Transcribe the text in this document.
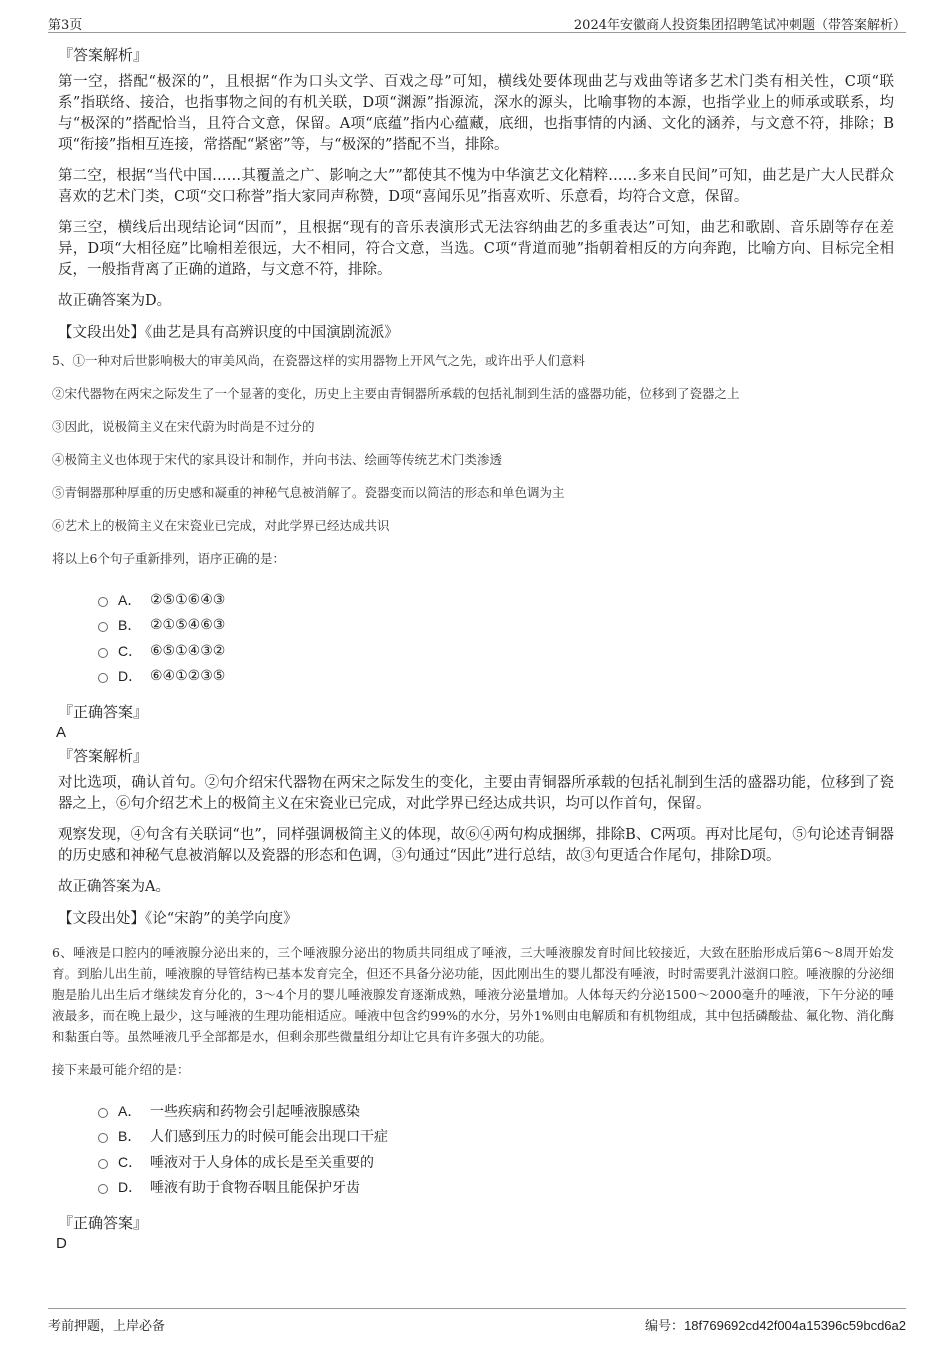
第3页	2024年安徽商人投资集团招聘笔试冲刺题（带答案解析）
『答案解析』

第一空，搭配“极深的”，且根据“作为口头文学、百戏之母”可知，横线处要体现曲艺与戏曲等诸多艺术门类有相关性，C项“联系”指联络、接洽，也指事物之间的有机关联，D项“渊源”指源流，深水的源头，比喻事物的本源，也指学业上的师承或联系，均与“极深的”搭配恰当，且符合文意，保留。A项“底蕴”指内心蕴藏，底细，也指事情的内涵、文化的涵养，与文意不符，排除；B项“衔接”指相互连接，常搭配“紧密”等，与“极深的”搭配不当，排除。

第二空，根据“当代中国……其覆盖之广、影响之大””都使其不愧为中华演艺文化精粹……多来自民间”可知，曲艺是广大人民群众喜欢的艺术门类，C项“交口称誉”指大家同声称赞，D项“喜闻乐见”指喜欢听、乐意看，均符合文意，保留。

第三空，横线后出现结论词“因而”，且根据“现有的音乐表演形式无法容纳曲艺的多重表达”可知，曲艺和歌剧、音乐剧等存在差异，D项“大相径庭”比喻相差很远，大不相同，符合文意，当选。C项“背道而驰”指朝着相反的方向奔跑，比喻方向、目标完全相反，一般指背离了正确的道路，与文意不符，排除。

故正确答案为D。

【文段出处】《曲艺是具有高辨识度的中国演剧流派》

5、①一种对后世影响极大的审美风尚，在瓷器这样的实用器物上开风气之先，或许出乎人们意料

②宋代器物在两宋之际发生了一个显著的变化，历史上主要由青铜器所承载的包括礼制到生活的盛器功能，位移到了瓷器之上

③因此，说极简主义在宋代蔚为时尚是不过分的

④极简主义也体现于宋代的家具设计和制作，并向书法、绘画等传统艺术门类渗透

⑤青铜器那种厚重的历史感和凝重的神秘气息被消解了。瓷器变而以简洁的形态和单色调为主

⑥艺术上的极简主义在宋瓷业已完成，对此学界已经达成共识

将以上6个句子重新排列，语序正确的是：

A． ②⑤①⑥④③
B． ②①⑤④⑥③
C． ⑥⑤①④③②
D． ⑥④①②③⑤
『正确答案』
A
『答案解析』

对比选项，确认首句。②句介绍宋代器物在两宋之际发生的变化，主要由青铜器所承载的包括礼制到生活的盛器功能，位移到了瓷器之上，⑥句介绍艺术上的极简主义在宋瓷业已完成，对此学界已经达成共识，均可以作首句，保留。

观察发现，④句含有关联词“也”，同样强调极简主义的体现，故⑥④两句构成捆绑，排除B、C两项。再对比尾句，⑤句论述青铜器的历史感和神秘气息被消解以及瓷器的形态和色调，③句通过“因此”进行总结，故③句更适合作尾句，排除D项。

故正确答案为A。

【文段出处】《论“宋韵”的美学向度》

6、唾液是口腔内的唾液腺分泌出来的，三个唾液腺分泌出的物质共同组成了唾液，三大唾液腺发育时间比较接近，大致在胚胎形成后第6～8周开始发育。到胎儿出生前，唾液腺的导管结构已基本发育完全，但还不具备分泌功能，因此刚出生的婴儿都没有唾液，时时需要乳汁滋润口腔。唾液腺的分泌细胞是胎儿出生后才继续发育分化的，3～4个月的婴儿唾液腺发育逐渐成熟，唾液分泌量增加。人体每天约分泌1500～2000毫升的唾液，下午分泌的唾液最多，而在晚上最少，这与唾液的生理功能相适应。唾液中包含约99%的水分，另外1%则由电解质和有机物组成，其中包括磷酸盐、氟化物、消化酶和黏蛋白等。虽然唾液几乎全部都是水，但剩余那些微量组分却让它具有许多强大的功能。

接下来最可能介绍的是：

A． 一些疾病和药物会引起唾液腺感染
B． 人们感到压力的时候可能会出现口干症
C． 唾液对于人身体的成长是至关重要的
D． 唾液有助于食物吞咽且能保护牙齿
『正确答案』
D
考前押题，上岸必备	编号：18f769692cd42f004a15396c59bcd6a2
